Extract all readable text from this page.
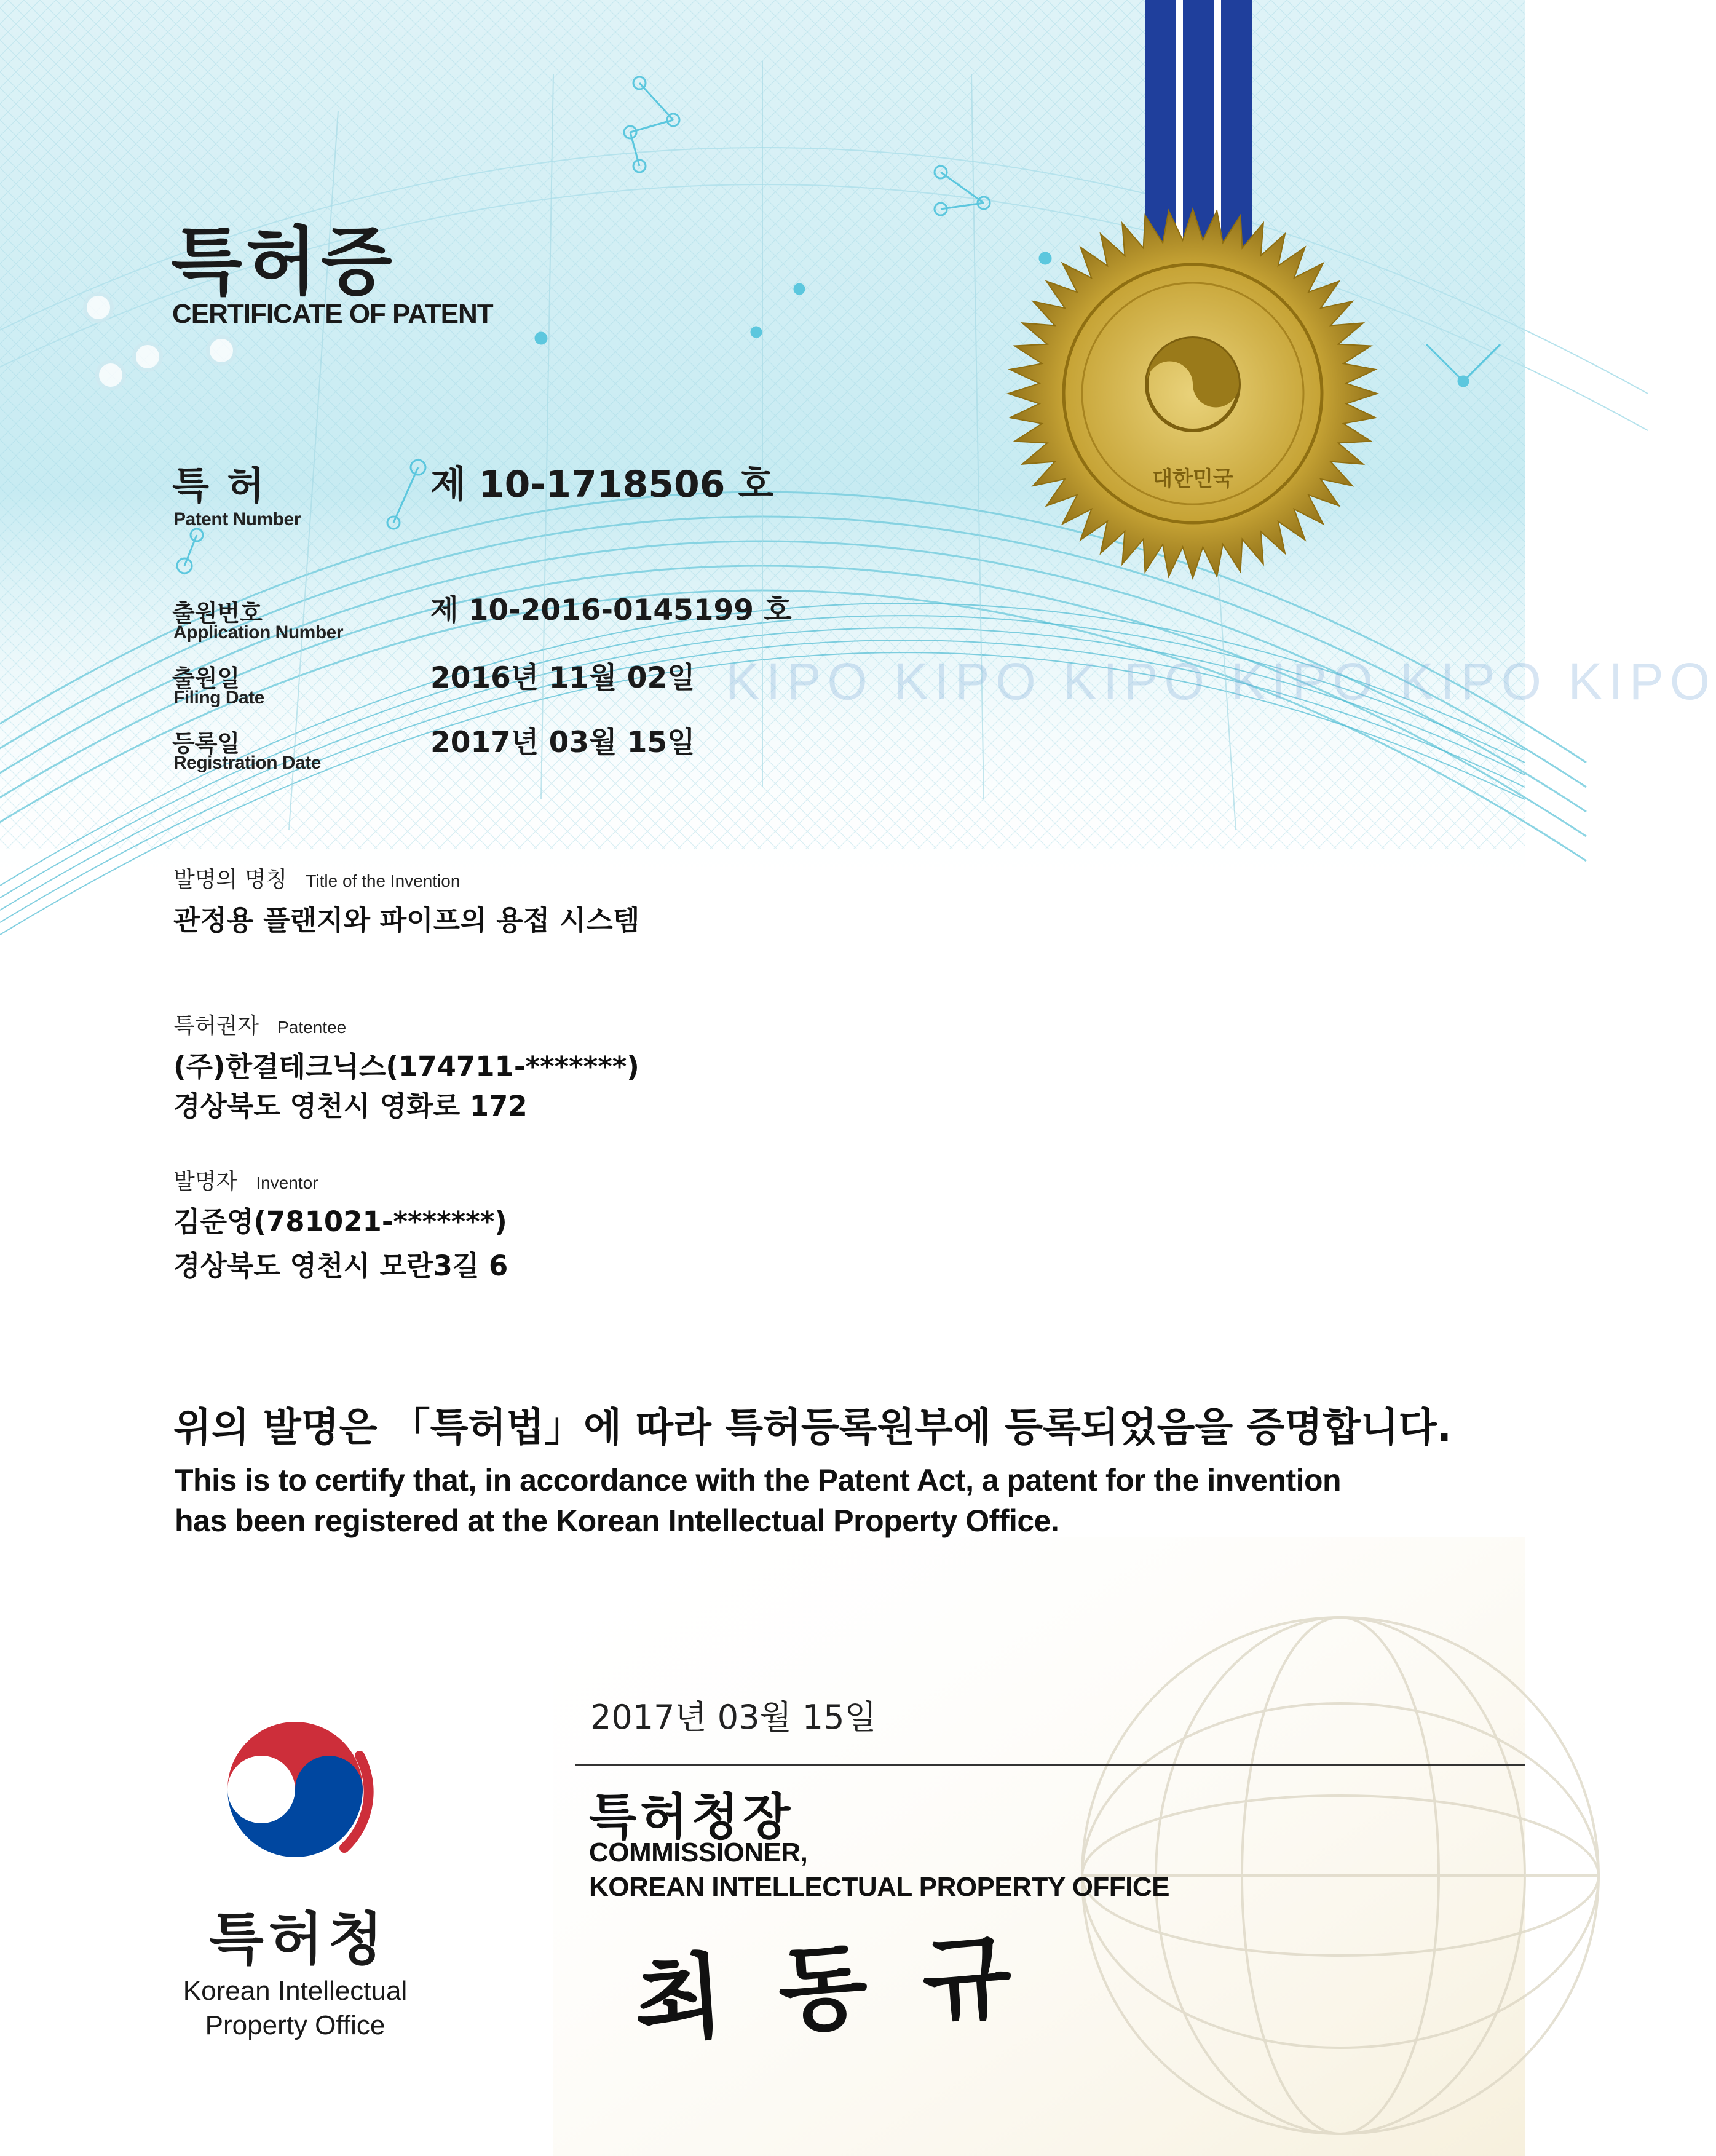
대한민국
KIPO KIPO KIPO KIPO KIPO KIPO
특허증
CERTIFICATE OF PATENT
특 허
Patent Number
제 10-1718506 호
출원번호
Application Number
제 10-2016-0145199 호
출원일
Filing Date
2016년 11월 02일
등록일
Registration Date
2017년 03월 15일
발명의 명칭 Title of the Invention
관정용 플랜지와 파이프의 용접 시스템
특허권자 Patentee
(주)한결테크닉스(174711-*******)
경상북도 영천시 영화로 172
발명자 Inventor
김준영(781021-*******)
경상북도 영천시 모란3길 6
위의 발명은 「특허법」에 따라 특허등록원부에 등록되었음을 증명합니다.
This is to certify that, in accordance with the Patent Act, a patent for the invention
has been registered at the Korean Intellectual Property Office.
2017년 03월 15일
특허청장
COMMISSIONER,
KOREAN INTELLECTUAL PROPERTY OFFICE
최동규
특허청
Korean Intellectual Property Office
